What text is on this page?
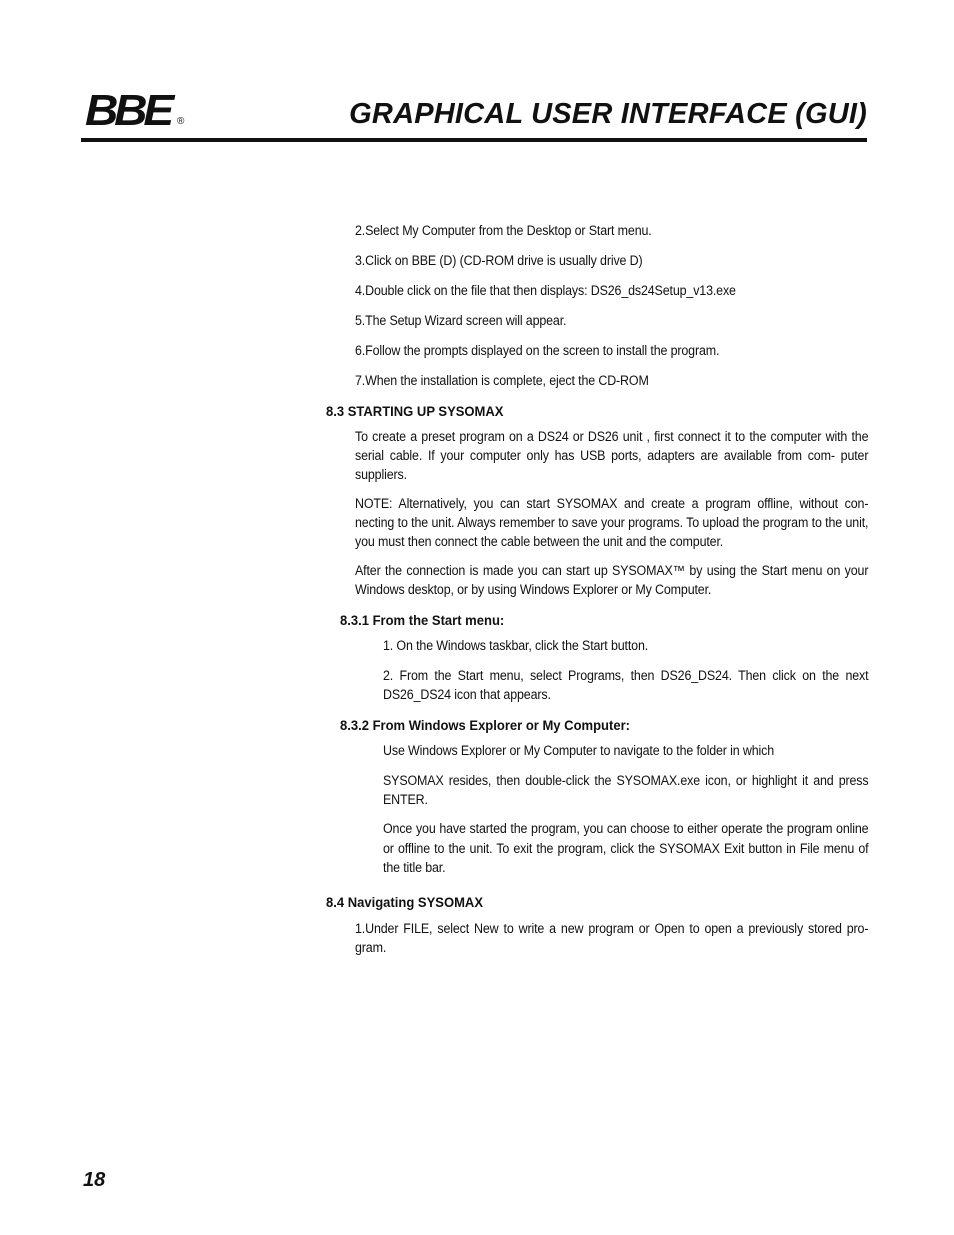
BBE ®	GRAPHICAL USER INTERFACE (GUI)
2.Select My Computer from the Desktop or Start menu.
3.Click on BBE (D) (CD-ROM drive is usually drive D)
4.Double click on the file that then displays: DS26_ds24Setup_v13.exe
5.The Setup Wizard screen will appear.
6.Follow the prompts displayed on the screen to install the program.
7.When the installation is complete, eject the CD-ROM
8.3 STARTING UP SYSOMAX
To create a preset program on a DS24 or DS26 unit , first connect it to the computer with the serial cable. If your computer only has USB ports, adapters are available from com- puter suppliers.
NOTE: Alternatively, you can start SYSOMAX and create a program offline, without con- necting to the unit. Always remember to save your programs. To upload the program to the unit, you must then connect the cable between the unit and the computer.
After the connection is made you can start up SYSOMAX™ by using the Start menu on your Windows desktop, or by using Windows Explorer or My Computer.
8.3.1 From the Start menu:
1. On the Windows taskbar, click the Start button.
2. From the Start menu, select Programs, then DS26_DS24. Then click on the next DS26_DS24 icon that appears.
8.3.2 From Windows Explorer or My Computer:
Use Windows Explorer or My Computer to navigate to the folder in which
SYSOMAX resides, then double-click the SYSOMAX.exe icon, or highlight it and press ENTER.
Once you have started the program, you can choose to either operate the program online or offline to the unit. To exit the program, click the SYSOMAX Exit button in File menu of the title bar.
8.4 Navigating SYSOMAX
1.Under FILE, select New to write a new program or Open to open a previously stored pro- gram.
18
